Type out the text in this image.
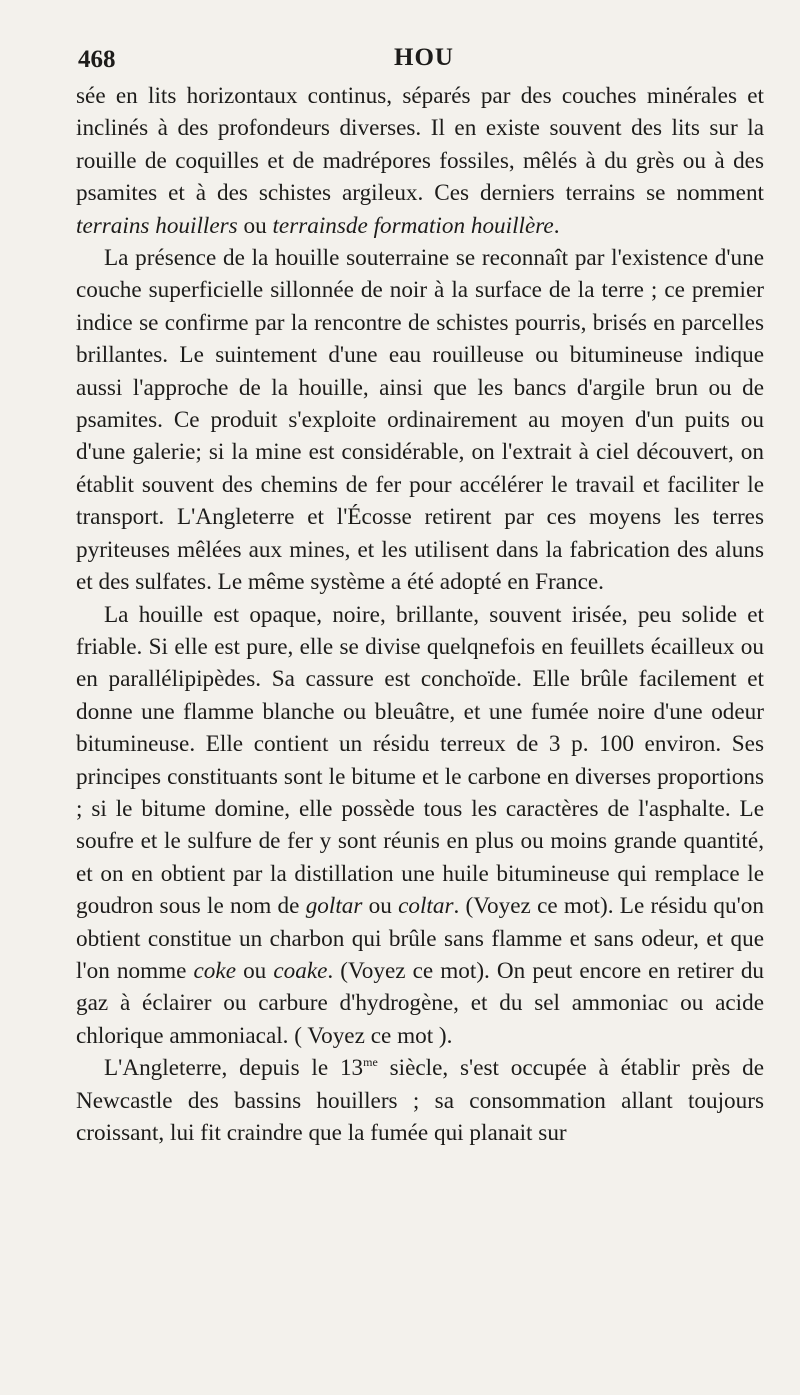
468	HOU

sée en lits horizontaux continus, séparés par des couches minérales et inclinés à des profondeurs diverses. Il en existe souvent des lits sur la rouille de coquilles et de madrépores fossiles, mêlés à du grès ou à des psamites et à des schistes argileux. Ces derniers terrains se nomment terrains houillers ou terrainsde formation houillère.

La présence de la houille souterraine se reconnaît par l'existence d'une couche superficielle sillonnée de noir à la surface de la terre ; ce premier indice se confirme par la rencontre de schistes pourris, brisés en parcelles brillantes. Le suintement d'une eau rouilleuse ou bitumineuse indique aussi l'approche de la houille, ainsi que les bancs d'argile brun ou de psamites. Ce produit s'exploite ordinairement au moyen d'un puits ou d'une galerie; si la mine est considérable, on l'extrait à ciel découvert, on établit souvent des chemins de fer pour accélérer le travail et faciliter le transport. L'Angleterre et l'Écosse retirent par ces moyens les terres pyriteuses mêlées aux mines, et les utilisent dans la fabrication des aluns et des sulfates. Le même système a été adopté en France.

La houille est opaque, noire, brillante, souvent irisée, peu solide et friable. Si elle est pure, elle se divise quelqnefois en feuillets écailleux ou en parallélipipèdes. Sa cassure est conchoïde. Elle brûle facilement et donne une flamme blanche ou bleuâtre, et une fumée noire d'une odeur bitumineuse. Elle contient un résidu terreux de 3 p. 100 environ. Ses principes constituants sont le bitume et le carbone en diverses proportions ; si le bitume domine, elle possède tous les caractères de l'asphalte. Le soufre et le sulfure de fer y sont réunis en plus ou moins grande quantité, et on en obtient par la distillation une huile bitumineuse qui remplace le goudron sous le nom de goltar ou coltar. (Voyez ce mot). Le résidu qu'on obtient constitue un charbon qui brûle sans flamme et sans odeur, et que l'on nomme coke ou coake. (Voyez ce mot). On peut encore en retirer du gaz à éclairer ou carbure d'hydrogène, et du sel ammoniac ou acide chlorique ammoniacal. ( Voyez ce mot ).

L'Angleterre, depuis le $13^{me}$ siècle, s'est occupée à établir près de Newcastle des bassins houillers ; sa consommation allant toujours croissant, lui fit craindre que la fumée qui planait sur
